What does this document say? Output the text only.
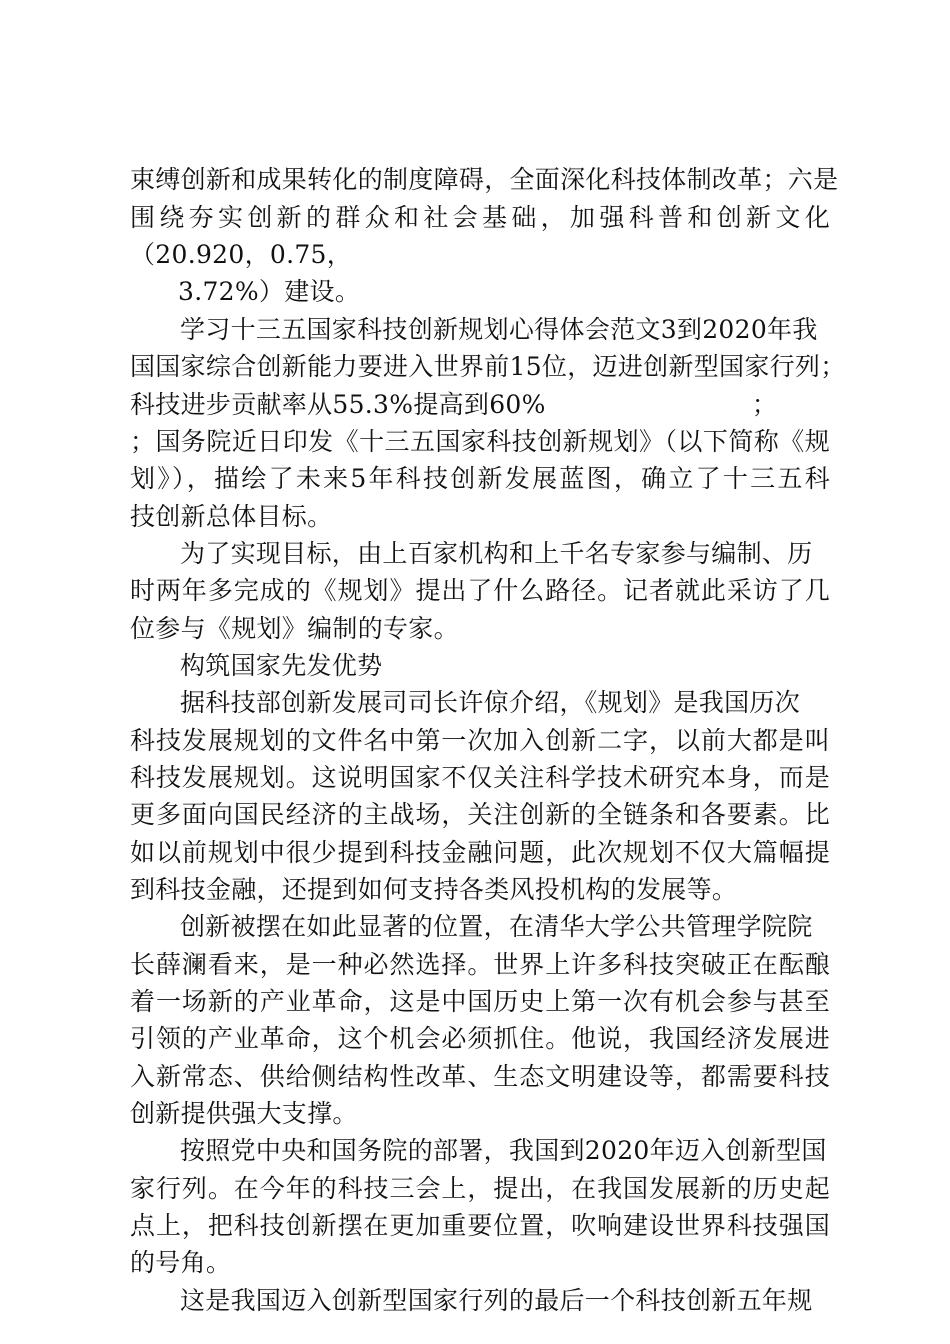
束缚创新和成果转化的制度障碍，全面深化科技体制改革；六是
围绕夯实创新的群众和社会基础，加强科普和创新文化
（20.920，0.75，
3.72%）建设。
学习十三五国家科技创新规划心得体会范文3到2020年我
国国家综合创新能力要进入世界前15位，迈进创新型国家行列；
科技进步贡献率从55.3%提高到60%                         ；
；国务院近日印发《十三五国家科技创新规划》（以下简称《规
划》），描绘了未来5年科技创新发展蓝图，确立了十三五科
技创新总体目标。
为了实现目标，由上百家机构和上千名专家参与编制、历
时两年多完成的《规划》提出了什么路径。记者就此采访了几
位参与《规划》编制的专家。
构筑国家先发优势
据科技部创新发展司司长许倞介绍，《规划》是我国历次
科技发展规划的文件名中第一次加入创新二字，以前大都是叫
科技发展规划。这说明国家不仅关注科学技术研究本身，而是
更多面向国民经济的主战场，关注创新的全链条和各要素。比
如以前规划中很少提到科技金融问题，此次规划不仅大篇幅提
到科技金融，还提到如何支持各类风投机构的发展等。
创新被摆在如此显著的位置，在清华大学公共管理学院院
长薛澜看来，是一种必然选择。世界上许多科技突破正在酝酿
着一场新的产业革命，这是中国历史上第一次有机会参与甚至
引领的产业革命，这个机会必须抓住。他说，我国经济发展进
入新常态、供给侧结构性改革、生态文明建设等，都需要科技
创新提供强大支撑。
按照党中央和国务院的部署，我国到2020年迈入创新型国
家行列。在今年的科技三会上，提出，在我国发展新的历史起
点上，把科技创新摆在更加重要位置，吹响建设世界科技强国
的号角。
这是我国迈入创新型国家行列的最后一个科技创新五年规
